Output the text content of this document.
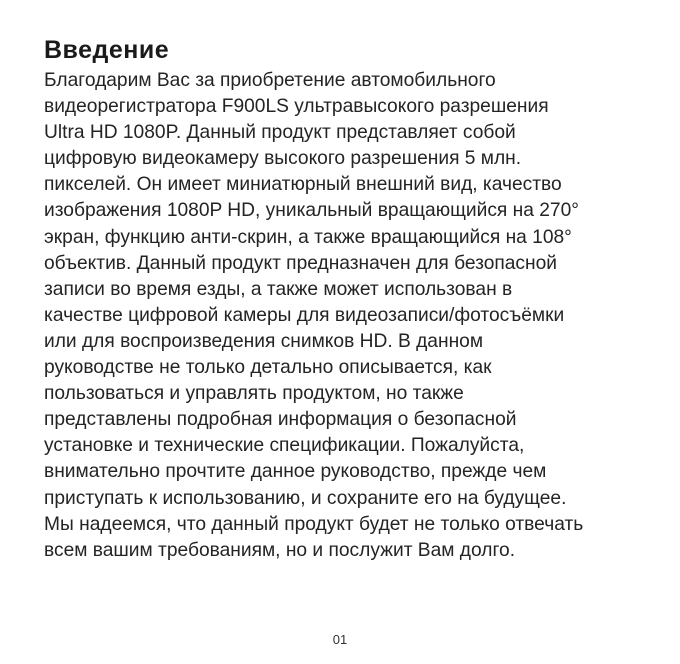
Введение

Благодарим Вас за приобретение автомобильного
видеорегистратора F900LS ультравысокого разрешения
Ultra HD 1080P. Данный продукт представляет собой
цифровую видеокамеру высокого разрешения 5 млн.
пикселей. Он имеет миниатюрный внешний вид, качество
изображения 1080P HD, уникальный вращающийся на 270°
экран, функцию анти-скрин, а также вращающийся на 108°
объектив. Данный продукт предназначен для безопасной
записи во время езды, а также может использован в
качестве цифровой камеры для видеозаписи/фотосъёмки
или для воспроизведения снимков HD. В данном
руководстве не только детально описывается, как
пользоваться и управлять продуктом, но также
представлены подробная информация о безопасной
установке и технические спецификации. Пожалуйста,
внимательно прочтите данное руководство, прежде чем
приступать к использованию, и сохраните его на будущее.
Мы надеемся, что данный продукт будет не только отвечать
всем вашим требованиям, но и послужит Вам долго.

01
